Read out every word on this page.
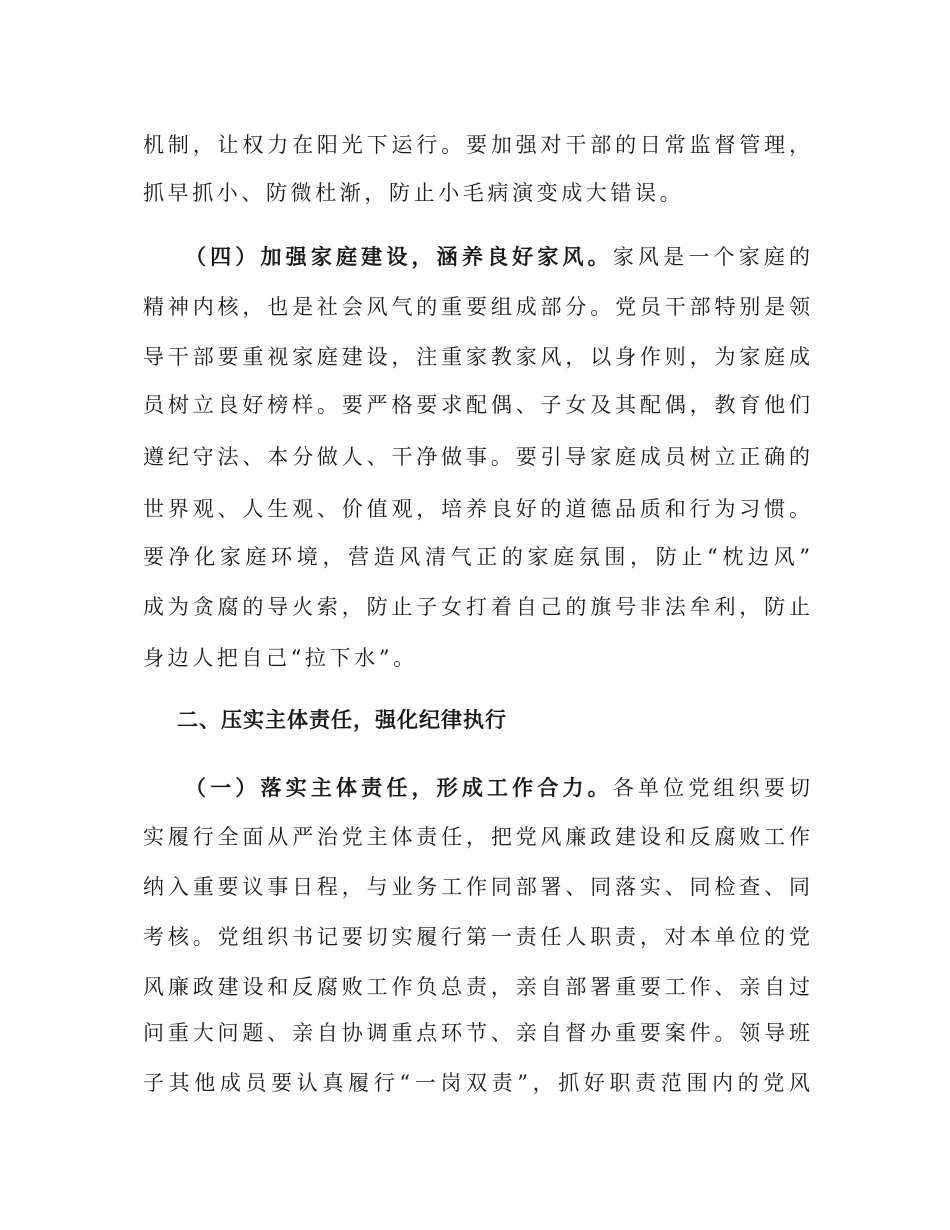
机制，让权力在阳光下运行。要加强对干部的日常监督管理，
抓早抓小、防微杜渐，防止小毛病演变成大错误。
（四）加强家庭建设，涵养良好家风。家风是一个家庭的
精神内核，也是社会风气的重要组成部分。党员干部特别是领
导干部要重视家庭建设，注重家教家风，以身作则，为家庭成
员树立良好榜样。要严格要求配偶、子女及其配偶，教育他们
遵纪守法、本分做人、干净做事。要引导家庭成员树立正确的
世界观、人生观、价值观，培养良好的道德品质和行为习惯。
要净化家庭环境，营造风清气正的家庭氛围，防止“枕边风”
成为贪腐的导火索，防止子女打着自己的旗号非法牟利，防止
身边人把自己“拉下水”。
二、压实主体责任，强化纪律执行
（一）落实主体责任，形成工作合力。各单位党组织要切
实履行全面从严治党主体责任，把党风廉政建设和反腐败工作
纳入重要议事日程，与业务工作同部署、同落实、同检查、同
考核。党组织书记要切实履行第一责任人职责，对本单位的党
风廉政建设和反腐败工作负总责，亲自部署重要工作、亲自过
问重大问题、亲自协调重点环节、亲自督办重要案件。领导班
子其他成员要认真履行“一岗双责”，抓好职责范围内的党风
